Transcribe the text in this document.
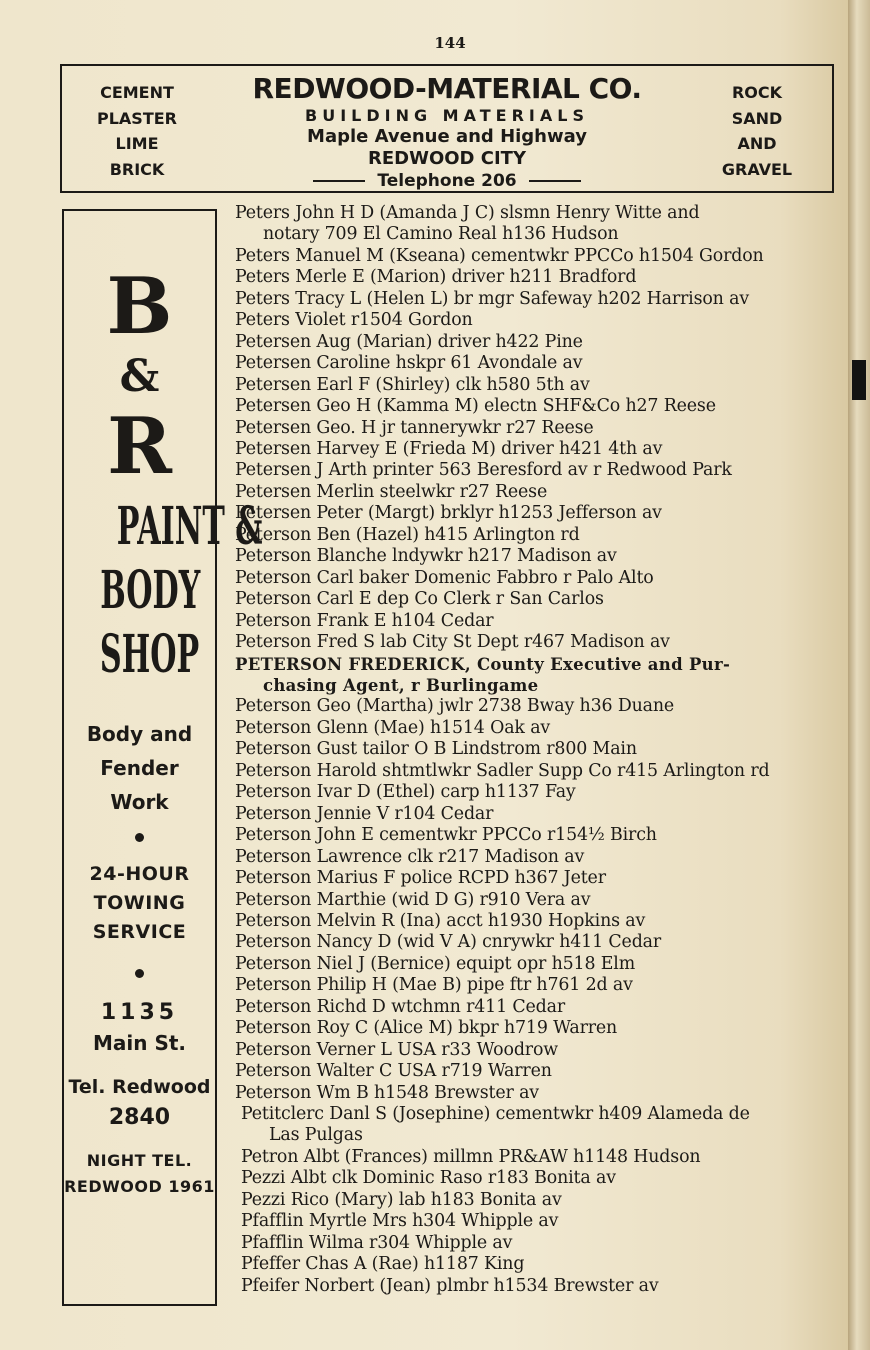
144
CEMENT
PLASTER
LIME
BRICK
REDWOOD-MATERIAL CO.
BUILDING MATERIALS
Maple Avenue and Highway
REDWOOD CITY
Telephone 206
ROCK
SAND
AND
GRAVEL
B
&
R
PAINT &
BODY
SHOP
Body and
Fender
Work
24-HOUR
TOWING
SERVICE
1135
Main St.
Tel. Redwood
2840
NIGHT TEL.
REDWOOD 1961
Peters John H D (Amanda J C) slsmn Henry Witte and
notary 709 El Camino Real h136 Hudson
Peters Manuel M (Kseana) cementwkr PPCCo h1504 Gordon
Peters Merle E (Marion) driver h211 Bradford
Peters Tracy L (Helen L) br mgr Safeway h202 Harrison av
Peters Violet r1504 Gordon
Petersen Aug (Marian) driver h422 Pine
Petersen Caroline hskpr 61 Avondale av
Petersen Earl F (Shirley) clk h580 5th av
Petersen Geo H (Kamma M) electn SHF&Co h27 Reese
Petersen Geo. H jr tannerywkr r27 Reese
Petersen Harvey E (Frieda M) driver h421 4th av
Petersen J Arth printer 563 Beresford av r Redwood Park
Petersen Merlin steelwkr r27 Reese
Petersen Peter (Margt) brklyr h1253 Jefferson av
Peterson Ben (Hazel) h415 Arlington rd
Peterson Blanche lndywkr h217 Madison av
Peterson Carl baker Domenic Fabbro r Palo Alto
Peterson Carl E dep Co Clerk r San Carlos
Peterson Frank E h104 Cedar
Peterson Fred S lab City St Dept r467 Madison av
PETERSON FREDERICK, County Executive and Pur-
chasing Agent, r Burlingame
Peterson Geo (Martha) jwlr 2738 Bway h36 Duane
Peterson Glenn (Mae) h1514 Oak av
Peterson Gust tailor O B Lindstrom r800 Main
Peterson Harold shtmtlwkr Sadler Supp Co r415 Arlington rd
Peterson Ivar D (Ethel) carp h1137 Fay
Peterson Jennie V r104 Cedar
Peterson John E cementwkr PPCCo r154½ Birch
Peterson Lawrence clk r217 Madison av
Peterson Marius F police RCPD h367 Jeter
Peterson Marthie (wid D G) r910 Vera av
Peterson Melvin R (Ina) acct h1930 Hopkins av
Peterson Nancy D (wid V A) cnrywkr h411 Cedar
Peterson Niel J (Bernice) equipt opr h518 Elm
Peterson Philip H (Mae B) pipe ftr h761 2d av
Peterson Richd D wtchmn r411 Cedar
Peterson Roy C (Alice M) bkpr h719 Warren
Peterson Verner L USA r33 Woodrow
Peterson Walter C USA r719 Warren
Peterson Wm B h1548 Brewster av
Petitclerc Danl S (Josephine) cementwkr h409 Alameda de
Las Pulgas
Petron Albt (Frances) millmn PR&AW h1148 Hudson
Pezzi Albt clk Dominic Raso r183 Bonita av
Pezzi Rico (Mary) lab h183 Bonita av
Pfafflin Myrtle Mrs h304 Whipple av
Pfafflin Wilma r304 Whipple av
Pfeffer Chas A (Rae) h1187 King
Pfeifer Norbert (Jean) plmbr h1534 Brewster av
